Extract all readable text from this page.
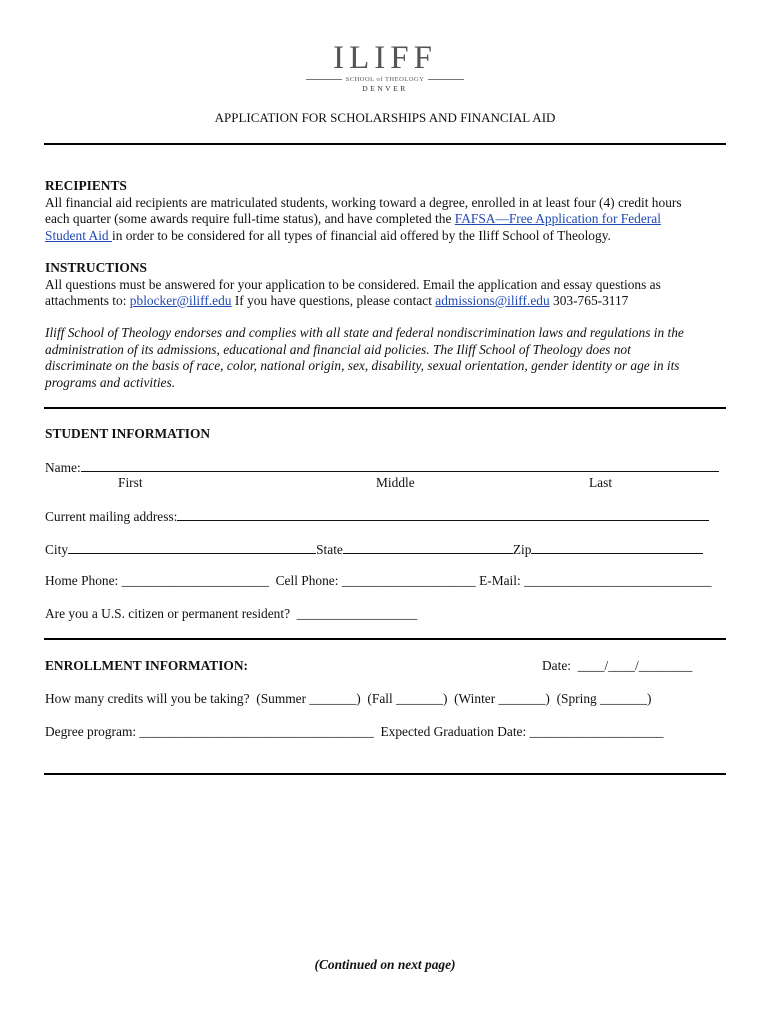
ILIFF
SCHOOL of THEOLOGY
DENVER
APPLICATION FOR SCHOLARSHIPS AND FINANCIAL AID
RECIPIENTS
All financial aid recipients are matriculated students, working toward a degree, enrolled in at least four (4) credit hours
each quarter (some awards require full-time status), and have completed the FAFSA—Free Application for Federal
Student Aid in order to be considered for all types of financial aid offered by the Iliff School of Theology.
INSTRUCTIONS
All questions must be answered for your application to be considered. Email the application and essay questions as
attachments to: pblocker@iliff.edu If you have questions, please contact admissions@iliff.edu 303-765-3117
Iliff School of Theology endorses and complies with all state and federal nondiscrimination laws and regulations in the
administration of its admissions, educational and financial aid policies. The Iliff School of Theology does not
discriminate on the basis of race, color, national origin, sex, disability, sexual orientation, gender identity or age in its
programs and activities.
STUDENT INFORMATION
Name:
First	Middle	Last
Current mailing address:
City	State	Zip
Home Phone: ______________________  Cell Phone: ____________________ E-Mail: ____________________________
Are you a U.S. citizen or permanent resident?  __________________
ENROLLMENT INFORMATION:	Date:  ____/____/________
How many credits will you be taking?  (Summer _______)  (Fall _______)  (Winter _______)  (Spring _______)
Degree program: ___________________________________  Expected Graduation Date: ____________________
(Continued on next page)
